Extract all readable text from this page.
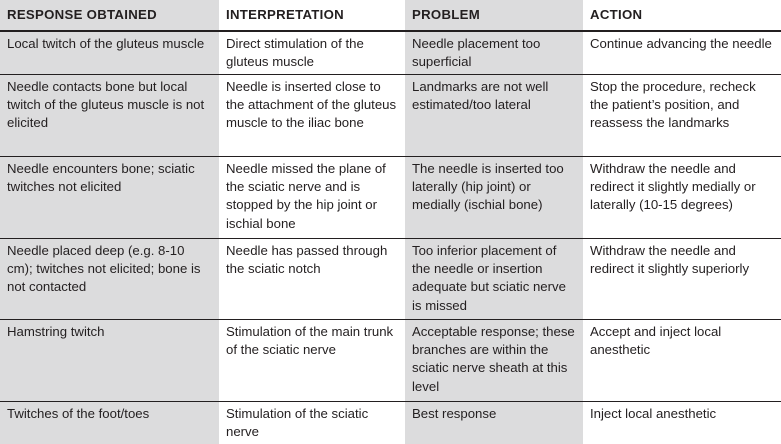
RESPONSE OBTAINED	INTERPRETATION	PROBLEM	ACTION
Local twitch of the gluteus muscle	Direct stimulation of the gluteus muscle	Needle placement too superficial	Continue advancing the needle
Needle contacts bone but local twitch of the gluteus muscle is not elicited	Needle is inserted close to the attachment of the gluteus muscle to the iliac bone	Landmarks are not well estimated/too lateral	Stop the procedure, recheck the patient’s position, and reassess the landmarks
Needle encounters bone; sciatic twitches not elicited	Needle missed the plane of the sciatic nerve and is stopped by the hip joint or ischial bone	The needle is inserted too laterally (hip joint) or medially (ischial bone)	Withdraw the needle and redirect it slightly medially or laterally (10-15 degrees)
Needle placed deep (e.g. 8-10 cm); twitches not elicited; bone is not contacted	Needle has passed through the sciatic notch	Too inferior placement of the needle or insertion adequate but sciatic nerve is missed	Withdraw the needle and redirect it slightly superiorly
Hamstring twitch	Stimulation of the main trunk of the sciatic nerve	Acceptable response; these branches are within the sciatic nerve sheath at this level	Accept and inject local anesthetic
Twitches of the foot/toes	Stimulation of the sciatic nerve	Best response	Inject local anesthetic
